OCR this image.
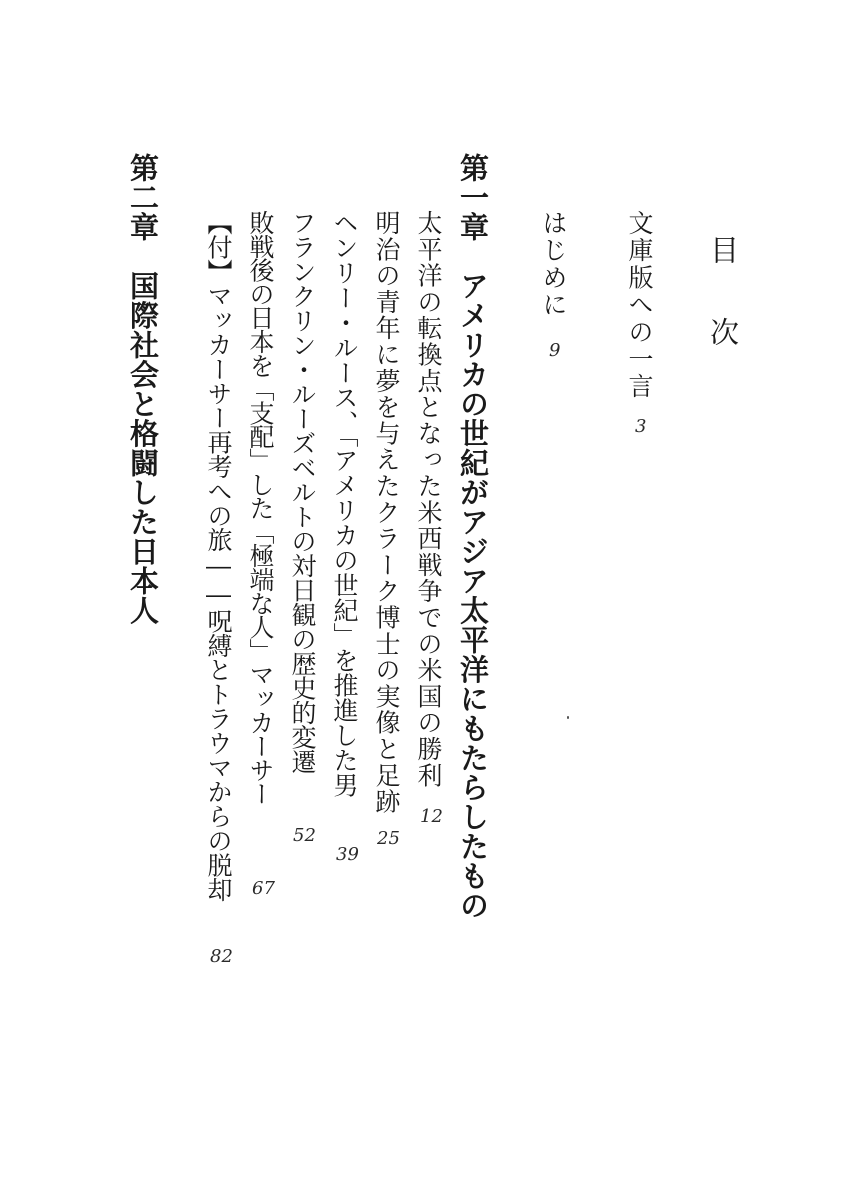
目
次
文庫版への一言
3
はじめに
9
第一章　アメリカの世紀がアジア太平洋にもたらしたもの
太平洋の転換点となった米西戦争での米国の勝利
12
明治の青年に夢を与えたクラーク博士の実像と足跡
25
ヘンリー・ルース、「アメリカの世紀」を推進した男
39
フランクリン・ルーズベルトの対日観の歴史的変遷
52
敗戦後の日本を「支配」した「極端な人」マッカーサー
67
【付】マッカーサー再考への旅――呪縛とトラウマからの脱却
82
第二章　国際社会と格闘した日本人
